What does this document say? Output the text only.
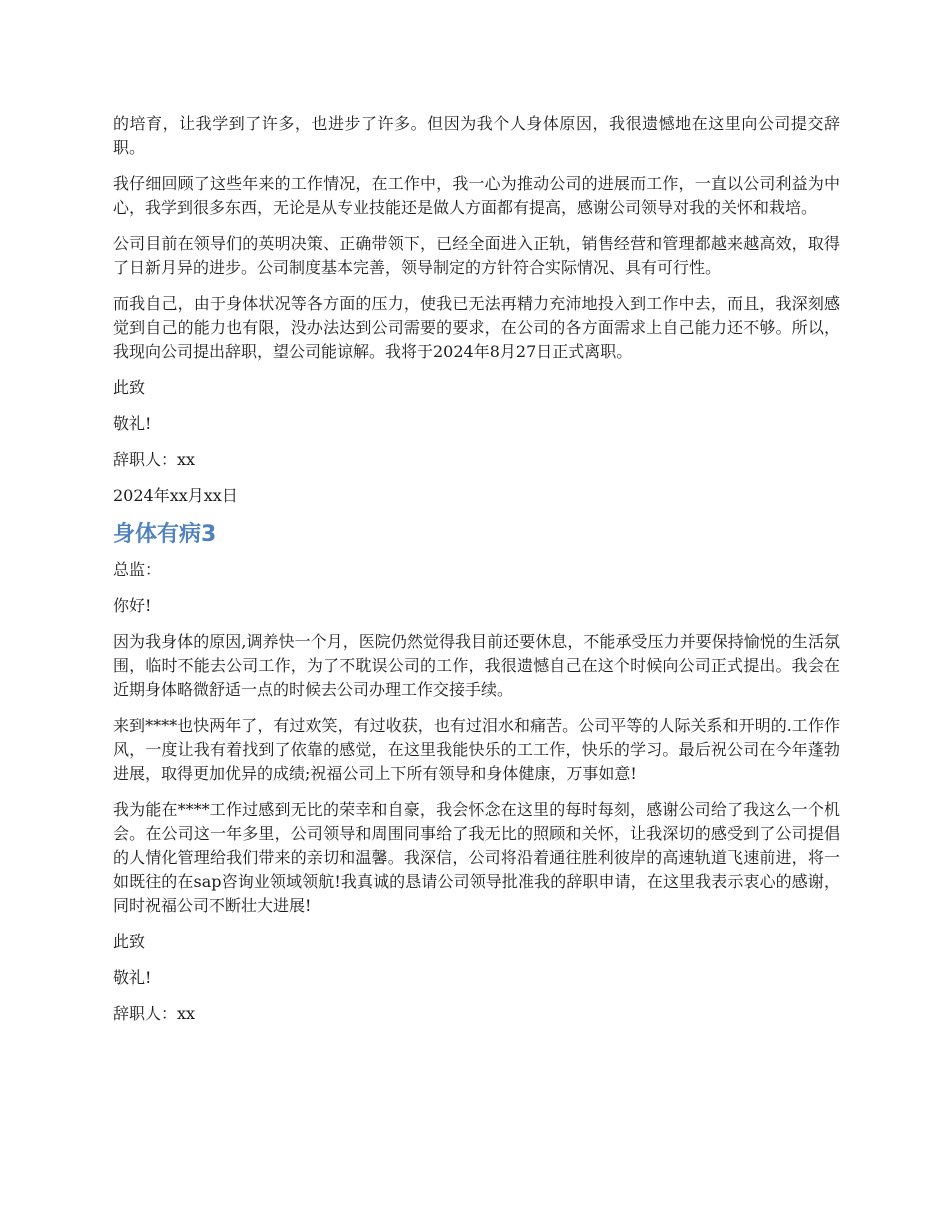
的培育，让我学到了许多，也进步了许多。但因为我个人身体原因，我很遗憾地在这里向公司提交辞职。

我仔细回顾了这些年来的工作情况，在工作中，我一心为推动公司的进展而工作，一直以公司利益为中心，我学到很多东西，无论是从专业技能还是做人方面都有提高，感谢公司领导对我的关怀和栽培。

公司目前在领导们的英明决策、正确带领下，已经全面进入正轨，销售经营和管理都越来越高效，取得了日新月异的进步。公司制度基本完善，领导制定的方针符合实际情况、具有可行性。

而我自己，由于身体状况等各方面的压力，使我已无法再精力充沛地投入到工作中去，而且，我深刻感觉到自己的能力也有限，没办法达到公司需要的要求，在公司的各方面需求上自己能力还不够。所以，我现向公司提出辞职，望公司能谅解。我将于2024年8月27日正式离职。

此致

敬礼!

辞职人：xx

2024年xx月xx日

身体有病3

总监：

你好!

因为我身体的原因,调养快一个月，医院仍然觉得我目前还要休息，不能承受压力并要保持愉悦的生活氛围，临时不能去公司工作，为了不耽误公司的工作，我很遗憾自己在这个时候向公司正式提出。我会在近期身体略微舒适一点的时候去公司办理工作交接手续。

来到****也快两年了，有过欢笑，有过收获，也有过泪水和痛苦。公司平等的人际关系和开明的.工作作风，一度让我有着找到了依靠的感觉，在这里我能快乐的工工作，快乐的学习。最后祝公司在今年蓬勃进展，取得更加优异的成绩;祝福公司上下所有领导和身体健康，万事如意!

我为能在****工作过感到无比的荣幸和自豪，我会怀念在这里的每时每刻，感谢公司给了我这么一个机会。在公司这一年多里，公司领导和周围同事给了我无比的照顾和关怀，让我深切的感受到了公司提倡的人情化管理给我们带来的亲切和温馨。我深信，公司将沿着通往胜利彼岸的高速轨道飞速前进，将一如既往的在sap咨询业领域领航!我真诚的恳请公司领导批准我的辞职申请，在这里我表示衷心的感谢，同时祝福公司不断壮大进展!

此致

敬礼!

辞职人：xx
